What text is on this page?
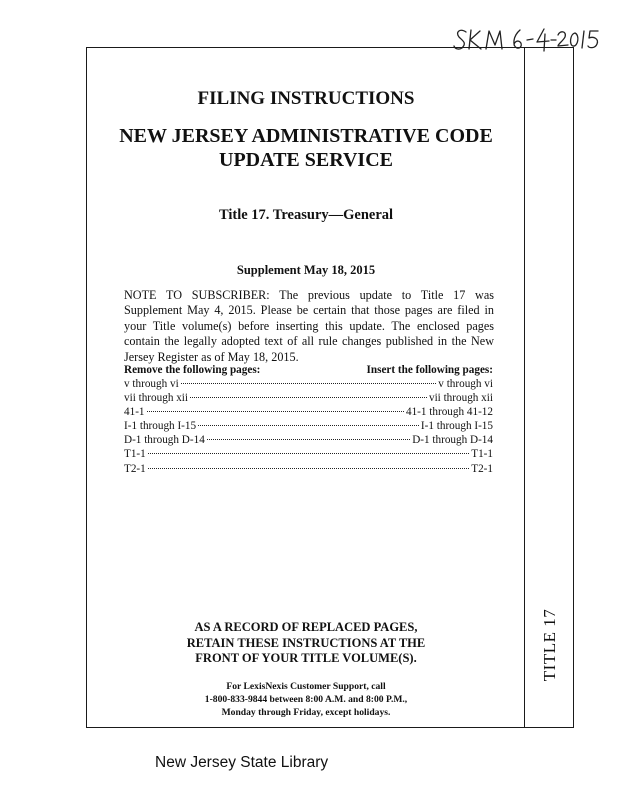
TITLE 17
FILING INSTRUCTIONS
NEW JERSEY ADMINISTRATIVE CODE
UPDATE SERVICE
Title 17. Treasury—General
Supplement May 18, 2015
NOTE TO SUBSCRIBER: The previous update to Title 17 was Supplement May 4, 2015. Please be certain that those pages are filed in your Title volume(s) before inserting this update. The enclosed pages contain the legally adopted text of all rule changes published in the New Jersey Register as of May 18, 2015.
Remove the following pages:	Insert the following pages:
v through vi	v through vi
vii through xii	vii through xii
41-1	41-1 through 41-12
I-1 through I-15	I-1 through I-15
D-1 through D-14	D-1 through D-14
T1-1	T1-1
T2-1	T2-1
AS A RECORD OF REPLACED PAGES,
RETAIN THESE INSTRUCTIONS AT THE
FRONT OF YOUR TITLE VOLUME(S).
For LexisNexis Customer Support, call
1-800-833-9844 between 8:00 A.M. and 8:00 P.M.,
Monday through Friday, except holidays.
New Jersey State Library
